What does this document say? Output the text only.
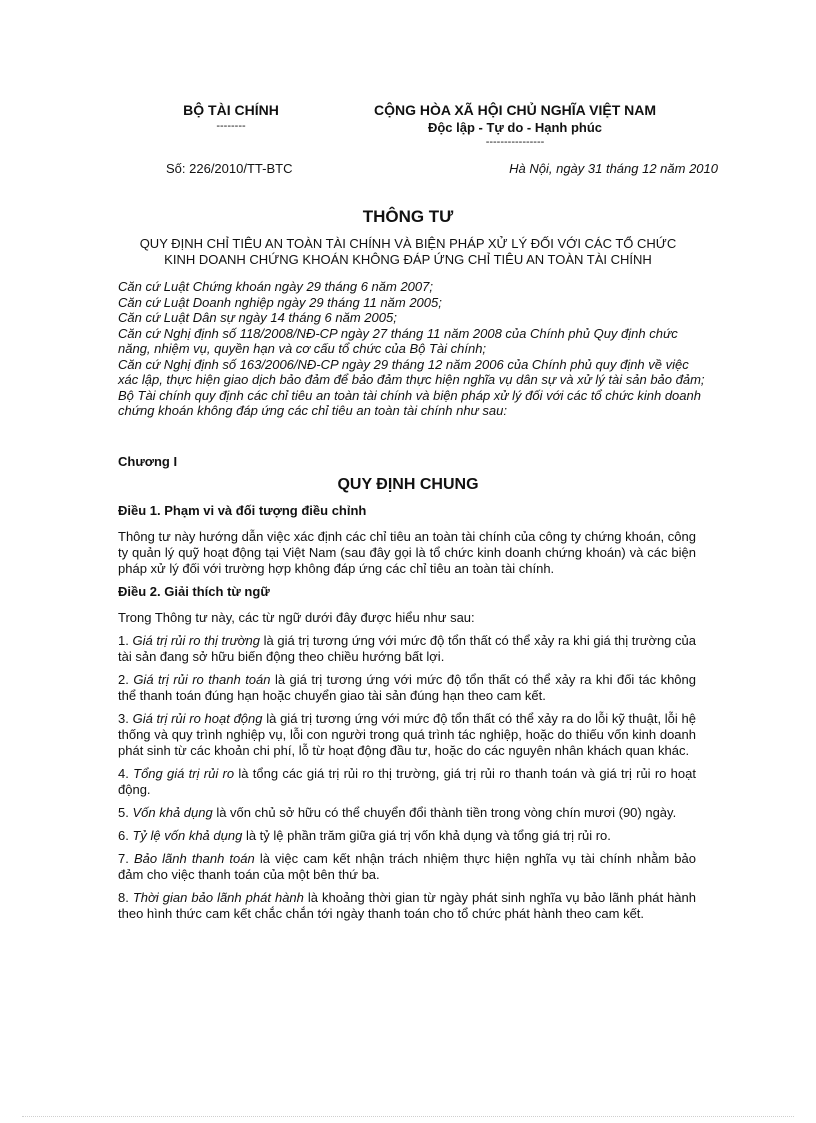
BỘ TÀI CHÍNH
--------
CỘNG HÒA XÃ HỘI CHỦ NGHĨA VIỆT NAM
Độc lập - Tự do - Hạnh phúc
----------------
Số: 226/2010/TT-BTC	Hà Nội, ngày 31 tháng 12 năm 2010
THÔNG TƯ
QUY ĐỊNH CHỈ TIÊU AN TOÀN TÀI CHÍNH VÀ BIỆN PHÁP XỬ LÝ ĐỐI VỚI CÁC TỔ CHỨC
KINH DOANH CHỨNG KHOÁN KHÔNG ĐÁP ỨNG CHỈ TIÊU AN TOÀN TÀI CHÍNH

Căn cứ Luật Chứng khoán ngày 29 tháng 6 năm 2007;

Căn cứ Luật Doanh nghiệp ngày 29 tháng 11 năm 2005;

Căn cứ Luật Dân sự ngày 14 tháng 6 năm 2005;

Căn cứ Nghị định số 118/2008/NĐ-CP ngày 27 tháng 11 năm 2008 của Chính phủ Quy định chức năng, nhiệm vụ, quyền hạn và cơ cấu tổ chức của Bộ Tài chính;

Căn cứ Nghị định số 163/2006/NĐ-CP ngày 29 tháng 12 năm 2006 của Chính phủ quy định về việc xác lập, thực hiện giao dịch bảo đảm để bảo đảm thực hiện nghĩa vụ dân sự và xử lý tài sản bảo đảm;

Bộ Tài chính quy định các chỉ tiêu an toàn tài chính và biện pháp xử lý đối với các tổ chức kinh doanh chứng khoán không đáp ứng các chỉ tiêu an toàn tài chính như sau:

Chương I
QUY ĐỊNH CHUNG

Điều 1. Phạm vi và đối tượng điều chỉnh

Thông tư này hướng dẫn việc xác định các chỉ tiêu an toàn tài chính của công ty chứng khoán, công ty quản lý quỹ hoạt động tại Việt Nam (sau đây gọi là tổ chức kinh doanh chứng khoán) và các biện pháp xử lý đối với trường hợp không đáp ứng các chỉ tiêu an toàn tài chính.

Điều 2. Giải thích từ ngữ

Trong Thông tư này, các từ ngữ dưới đây được hiểu như sau:

1. Giá trị rủi ro thị trường là giá trị tương ứng với mức độ tổn thất có thể xảy ra khi giá thị trường của tài sản đang sở hữu biến động theo chiều hướng bất lợi.

2. Giá trị rủi ro thanh toán là giá trị tương ứng với mức độ tổn thất có thể xảy ra khi đối tác không thể thanh toán đúng hạn hoặc chuyển giao tài sản đúng hạn theo cam kết.

3. Giá trị rủi ro hoạt động là giá trị tương ứng với mức độ tổn thất có thể xảy ra do lỗi kỹ thuật, lỗi hệ thống và quy trình nghiệp vụ, lỗi con người trong quá trình tác nghiệp, hoặc do thiếu vốn kinh doanh phát sinh từ các khoản chi phí, lỗ từ hoạt động đầu tư, hoặc do các nguyên nhân khách quan khác.

4. Tổng giá trị rủi ro là tổng các giá trị rủi ro thị trường, giá trị rủi ro thanh toán và giá trị rủi ro hoạt động.

5. Vốn khả dụng là vốn chủ sở hữu có thể chuyển đổi thành tiền trong vòng chín mươi (90) ngày.

6. Tỷ lệ vốn khả dụng là tỷ lệ phần trăm giữa giá trị vốn khả dụng và tổng giá trị rủi ro.

7. Bảo lãnh thanh toán là việc cam kết nhận trách nhiệm thực hiện nghĩa vụ tài chính nhằm bảo đảm cho việc thanh toán của một bên thứ ba.

8. Thời gian bảo lãnh phát hành là khoảng thời gian từ ngày phát sinh nghĩa vụ bảo lãnh phát hành theo hình thức cam kết chắc chắn tới ngày thanh toán cho tổ chức phát hành theo cam kết.
